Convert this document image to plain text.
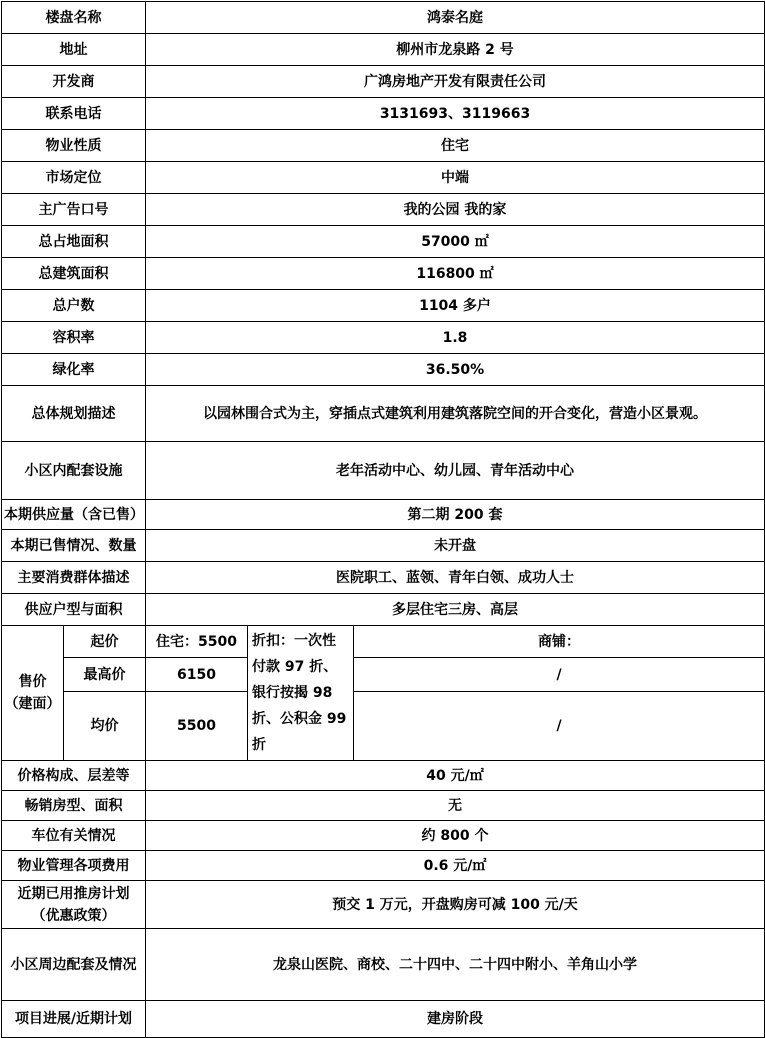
楼盘名称		鸿泰名庭		
地址		柳州市龙泉路 2 号		
开发商		广鸿房地产开发有限责任公司		
联系电话		3131693、3119663		
物业性质		住宅		
市场定位		中端		
主广告口号		我的公园 我的家		
总占地面积		57000 ㎡		
总建筑面积		116800 ㎡		
总户数		1104 多户		
容积率		1.8		
绿化率		36.50%		
总体规划描述		以园林围合式为主，穿插点式建筑利用建筑落院空间的开合变化，营造小区景观。		
小区内配套设施		老年活动中心、幼儿园、青年活动中心		
本期供应量（含已售）		第二期 200 套		
本期已售情况、数量		未开盘		
主要消费群体描述		医院职工、蓝领、青年白领、成功人士		
供应户型与面积		多层住宅三房、高层		
售价
（建面）	起价	住宅：5500	折扣：一次性付款 97 折、银行按揭 98 折、公积金 99 折	商铺：
	最高价	6150		/
	均价	5500		/
价格构成、层差等		40 元/㎡		
畅销房型、面积		无		
车位有关情况		约 800 个		
物业管理各项费用		0.6 元/㎡		
近期已用推房计划
（优惠政策）		预交 1 万元，开盘购房可减 100 元/天		
小区周边配套及情况		龙泉山医院、商校、二十四中、二十四中附小、羊角山小学		
项目进展/近期计划		建房阶段		
